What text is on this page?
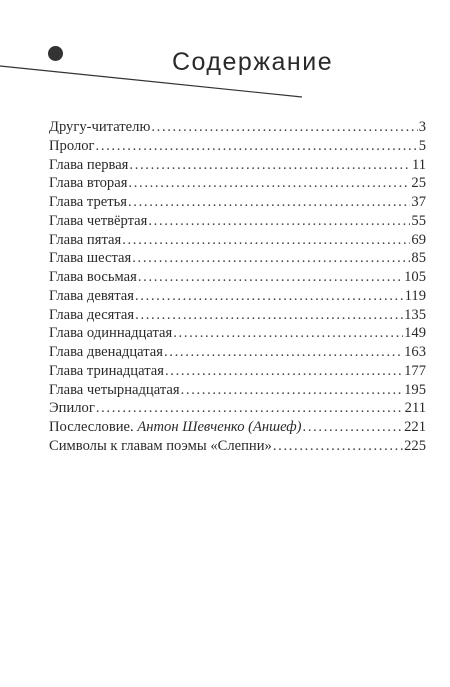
Содержание
Другу-читателю . . .	3
Пролог . . .	5
Глава первая . . .	11
Глава вторая . . .	25
Глава третья . . .	37
Глава четвёртая . . .	55
Глава пятая . . .	69
Глава шестая . . .	85
Глава восьмая . . .	105
Глава девятая . . .	119
Глава десятая . . .	135
Глава одиннадцатая . . .	149
Глава двенадцатая . . .	163
Глава тринадцатая . . .	177
Глава четырнадцатая . . .	195
Эпилог . . .	211
Послесловие. Антон Шевченко (Аншеф) . . .	221
Символы к главам поэмы «Слепни» . . .	225
